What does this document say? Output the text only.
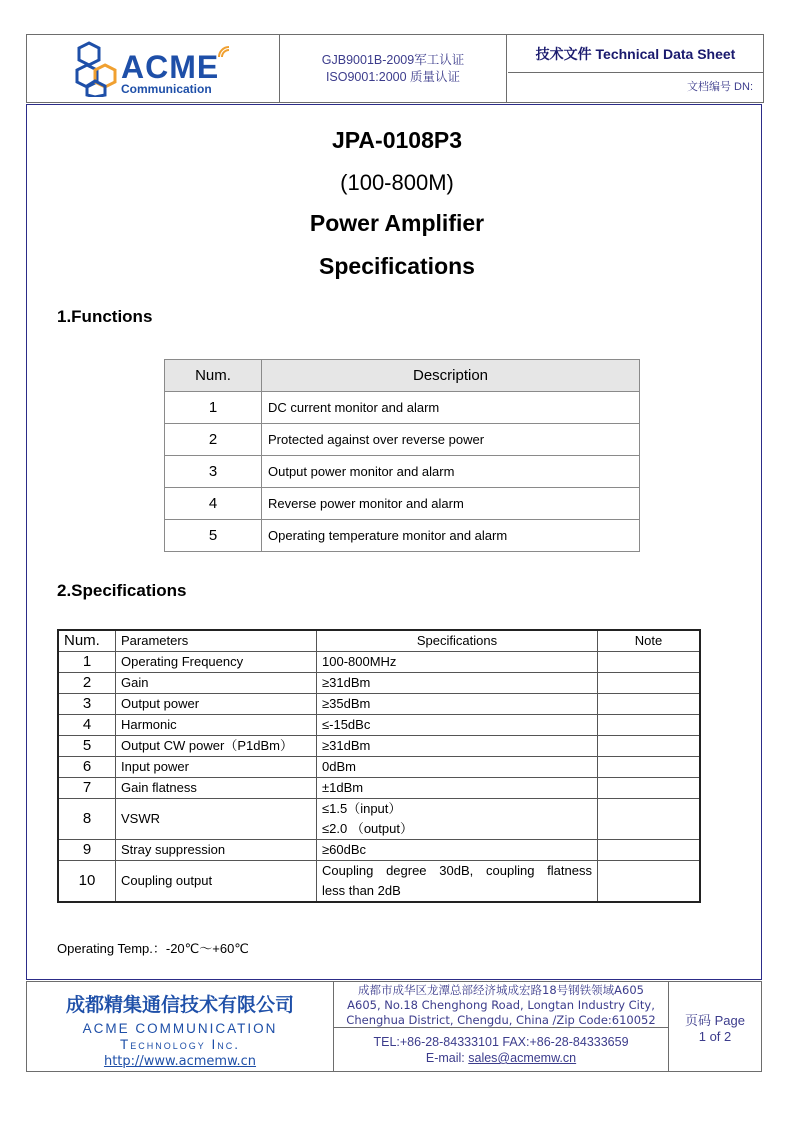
ACME
Communication
GJB9001B-2009军工认证
ISO9001:2000 质量认证
技术文件 Technical Data Sheet
文档编号 DN:
JPA-0108P3
(100-800M)
Power Amplifier
Specifications
1.Functions
Num.	Description
1	DC current monitor and alarm
2	Protected against over reverse power
3	Output power monitor and alarm
4	Reverse power monitor and alarm
5	Operating temperature monitor and alarm
2.Specifications
Num.	Parameters	Specifications	Note
1	Operating Frequency	100-800MHz	
2	Gain	≥31dBm	
3	Output power	≥35dBm	
4	Harmonic	≤-15dBc	
5	Output CW power（P1dBm）	≥31dBm	
6	Input power	0dBm	
7	Gain flatness	±1dBm	
8	VSWR	≤1.5（input）
≤2.0 （output）	

9	Stray suppression	≥60dBc	
10	Coupling output	Coupling degree 30dB, coupling flatness
less than 2dB	

Operating Temp.：-20℃～+60℃
成都精集通信技术有限公司
ACME COMMUNICATION
Technology Inc.
http://www.acmemw.cn
成都市成华区龙潭总部经济城成宏路18号钢铁领域A605
A605, No.18 Chenghong Road, Longtan Industry City,
Chenghua District, Chengdu, China /Zip Code:610052
TEL:+86-28-84333101 FAX:+86-28-84333659
E-mail: sales@acmemw.cn
页码 Page
1 of 2
